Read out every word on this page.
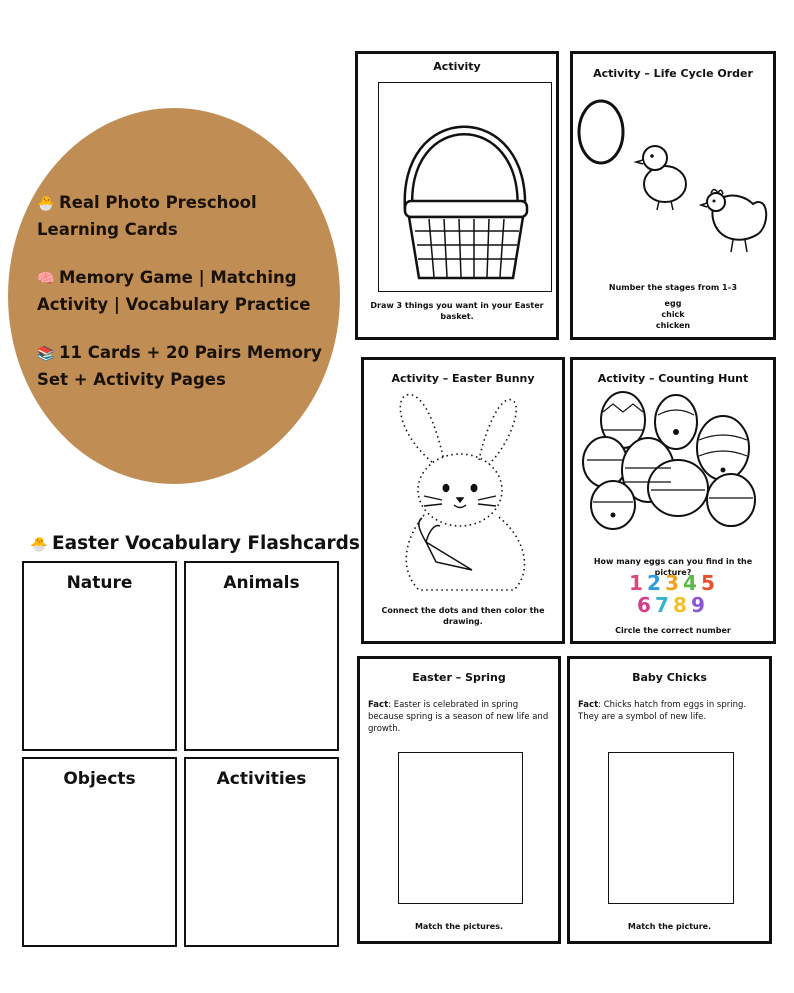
🐣 Real Photo Preschool Learning Cards
🧠 Memory Game | Matching Activity | Vocabulary Practice
📚 11 Cards + 20 Pairs Memory Set + Activity Pages
🐣 Easter Vocabulary Flashcards
Nature	Animals
Objects	Activities
Activity
Draw 3 things you want in your Easter basket.
Activity – Life Cycle Order
Number the stages from 1–3
egg
chick
chicken
Activity – Easter Bunny
Connect the dots and then color the drawing.
Activity – Counting Hunt
How many eggs can you find in the picture?
1 2 3 4 5
6 7 8 9
Circle the correct number
Easter – Spring
Fact: Easter is celebrated in spring because spring is a season of new life and growth.
Match the pictures.
Baby Chicks
Fact: Chicks hatch from eggs in spring. They are a symbol of new life.
Match the picture.
